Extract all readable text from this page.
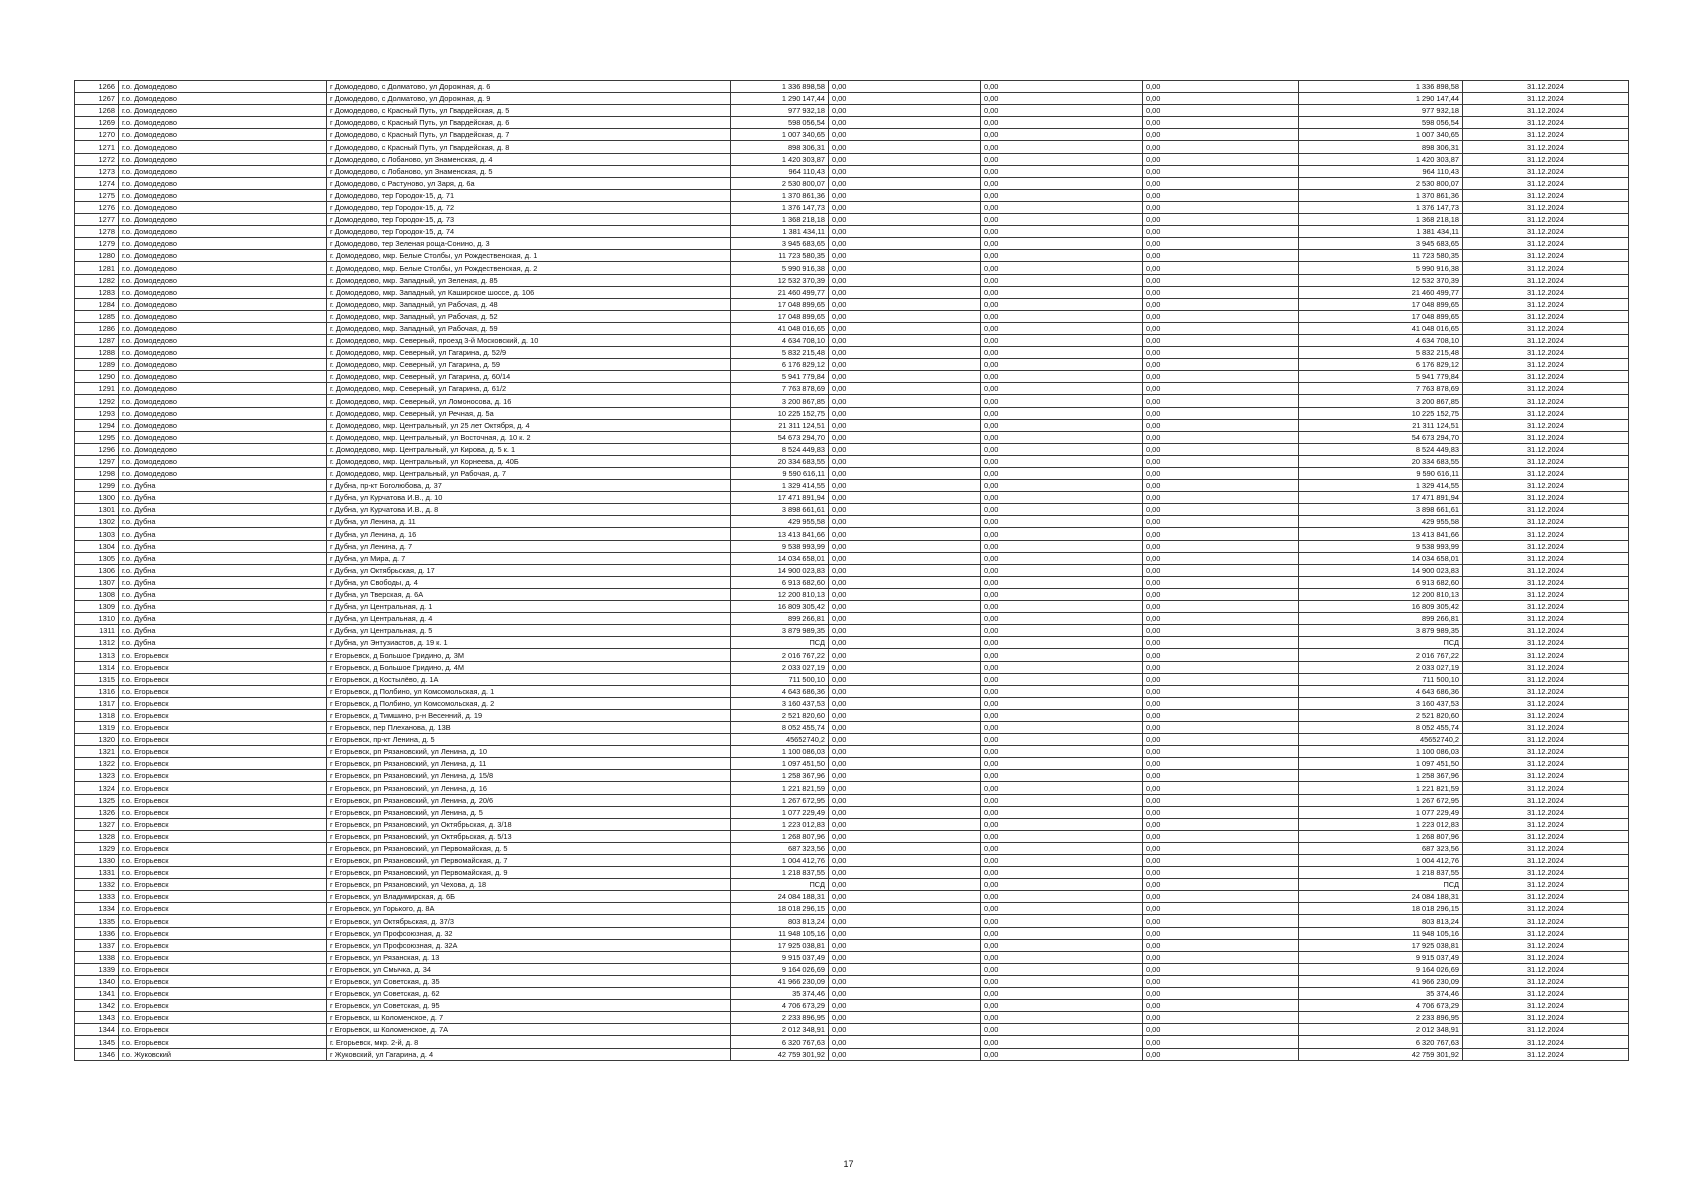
1266	г.о. Домодедово	г Домодедово, с Долматово, ул Дорожная, д. 6	1 336 898,58	0,00	0,00	0,00	1 336 898,58	31.12.2024
1267	г.о. Домодедово	г Домодедово, с Долматово, ул Дорожная, д. 9	1 290 147,44	0,00	0,00	0,00	1 290 147,44	31.12.2024
1268	г.о. Домодедово	г Домодедово, с Красный Путь, ул Гвардейская, д. 5	977 932,18	0,00	0,00	0,00	977 932,18	31.12.2024
1269	г.о. Домодедово	г Домодедово, с Красный Путь, ул Гвардейская, д. 6	598 056,54	0,00	0,00	0,00	598 056,54	31.12.2024
1270	г.о. Домодедово	г Домодедово, с Красный Путь, ул Гвардейская, д. 7	1 007 340,65	0,00	0,00	0,00	1 007 340,65	31.12.2024
1271	г.о. Домодедово	г Домодедово, с Красный Путь, ул Гвардейская, д. 8	898 306,31	0,00	0,00	0,00	898 306,31	31.12.2024
1272	г.о. Домодедово	г Домодедово, с Лобаново, ул Знаменская, д. 4	1 420 303,87	0,00	0,00	0,00	1 420 303,87	31.12.2024
1273	г.о. Домодедово	г Домодедово, с Лобаново, ул Знаменская, д. 5	964 110,43	0,00	0,00	0,00	964 110,43	31.12.2024
1274	г.о. Домодедово	г Домодедово, с Растуново, ул Заря, д. 6а	2 530 800,07	0,00	0,00	0,00	2 530 800,07	31.12.2024
1275	г.о. Домодедово	г Домодедово, тер Городок-15, д. 71	1 370 861,36	0,00	0,00	0,00	1 370 861,36	31.12.2024
1276	г.о. Домодедово	г Домодедово, тер Городок-15, д. 72	1 376 147,73	0,00	0,00	0,00	1 376 147,73	31.12.2024
1277	г.о. Домодедово	г Домодедово, тер Городок-15, д. 73	1 368 218,18	0,00	0,00	0,00	1 368 218,18	31.12.2024
1278	г.о. Домодедово	г Домодедово, тер Городок-15, д. 74	1 381 434,11	0,00	0,00	0,00	1 381 434,11	31.12.2024
1279	г.о. Домодедово	г Домодедово, тер Зеленая роща-Сонино, д. 3	3 945 683,65	0,00	0,00	0,00	3 945 683,65	31.12.2024
1280	г.о. Домодедово	г. Домодедово, мкр. Белые Столбы, ул Рождественская, д. 1	11 723 580,35	0,00	0,00	0,00	11 723 580,35	31.12.2024
1281	г.о. Домодедово	г. Домодедово, мкр. Белые Столбы, ул Рождественская, д. 2	5 990 916,38	0,00	0,00	0,00	5 990 916,38	31.12.2024
1282	г.о. Домодедово	г. Домодедово, мкр. Западный, ул Зеленая, д. 85	12 532 370,39	0,00	0,00	0,00	12 532 370,39	31.12.2024
1283	г.о. Домодедово	г. Домодедово, мкр. Западный, ул Каширское шоссе, д. 106	21 460 499,77	0,00	0,00	0,00	21 460 499,77	31.12.2024
1284	г.о. Домодедово	г. Домодедово, мкр. Западный, ул Рабочая, д. 48	17 048 899,65	0,00	0,00	0,00	17 048 899,65	31.12.2024
1285	г.о. Домодедово	г. Домодедово, мкр. Западный, ул Рабочая, д. 52	17 048 899,65	0,00	0,00	0,00	17 048 899,65	31.12.2024
1286	г.о. Домодедово	г. Домодедово, мкр. Западный, ул Рабочая, д. 59	41 048 016,65	0,00	0,00	0,00	41 048 016,65	31.12.2024
1287	г.о. Домодедово	г. Домодедово, мкр. Северный, проезд 3-й Московский, д. 10	4 634 708,10	0,00	0,00	0,00	4 634 708,10	31.12.2024
1288	г.о. Домодедово	г. Домодедово, мкр. Северный, ул Гагарина, д. 52/9	5 832 215,48	0,00	0,00	0,00	5 832 215,48	31.12.2024
1289	г.о. Домодедово	г. Домодедово, мкр. Северный, ул Гагарина, д. 59	6 176 829,12	0,00	0,00	0,00	6 176 829,12	31.12.2024
1290	г.о. Домодедово	г. Домодедово, мкр. Северный, ул Гагарина, д. 60/14	5 941 779,84	0,00	0,00	0,00	5 941 779,84	31.12.2024
1291	г.о. Домодедово	г. Домодедово, мкр. Северный, ул Гагарина, д. 61/2	7 763 878,69	0,00	0,00	0,00	7 763 878,69	31.12.2024
1292	г.о. Домодедово	г. Домодедово, мкр. Северный, ул Ломоносова, д. 16	3 200 867,85	0,00	0,00	0,00	3 200 867,85	31.12.2024
1293	г.о. Домодедово	г. Домодедово, мкр. Северный, ул Речная, д. 5а	10 225 152,75	0,00	0,00	0,00	10 225 152,75	31.12.2024
1294	г.о. Домодедово	г. Домодедово, мкр. Центральный, ул 25 лет Октября, д. 4	21 311 124,51	0,00	0,00	0,00	21 311 124,51	31.12.2024
1295	г.о. Домодедово	г. Домодедово, мкр. Центральный, ул Восточная, д. 10 к. 2	54 673 294,70	0,00	0,00	0,00	54 673 294,70	31.12.2024
1296	г.о. Домодедово	г. Домодедово, мкр. Центральный, ул Кирова, д. 5 к. 1	8 524 449,83	0,00	0,00	0,00	8 524 449,83	31.12.2024
1297	г.о. Домодедово	г. Домодедово, мкр. Центральный, ул Корнеева, д. 40Б	20 334 683,55	0,00	0,00	0,00	20 334 683,55	31.12.2024
1298	г.о. Домодедово	г. Домодедово, мкр. Центральный, ул Рабочая, д. 7	9 590 616,11	0,00	0,00	0,00	9 590 616,11	31.12.2024
1299	г.о. Дубна	г Дубна, пр-кт Боголюбова, д. 37	1 329 414,55	0,00	0,00	0,00	1 329 414,55	31.12.2024
1300	г.о. Дубна	г Дубна, ул Курчатова И.В., д. 10	17 471 891,94	0,00	0,00	0,00	17 471 891,94	31.12.2024
1301	г.о. Дубна	г Дубна, ул Курчатова И.В., д. 8	3 898 661,61	0,00	0,00	0,00	3 898 661,61	31.12.2024
1302	г.о. Дубна	г Дубна, ул Ленина, д. 11	429 955,58	0,00	0,00	0,00	429 955,58	31.12.2024
1303	г.о. Дубна	г Дубна, ул Ленина, д. 16	13 413 841,66	0,00	0,00	0,00	13 413 841,66	31.12.2024
1304	г.о. Дубна	г Дубна, ул Ленина, д. 7	9 538 993,99	0,00	0,00	0,00	9 538 993,99	31.12.2024
1305	г.о. Дубна	г Дубна, ул Мира, д. 7	14 034 658,01	0,00	0,00	0,00	14 034 658,01	31.12.2024
1306	г.о. Дубна	г Дубна, ул Октябрьская, д. 17	14 900 023,83	0,00	0,00	0,00	14 900 023,83	31.12.2024
1307	г.о. Дубна	г Дубна, ул Свободы, д. 4	6 913 682,60	0,00	0,00	0,00	6 913 682,60	31.12.2024
1308	г.о. Дубна	г Дубна, ул Тверская, д. 6А	12 200 810,13	0,00	0,00	0,00	12 200 810,13	31.12.2024
1309	г.о. Дубна	г Дубна, ул Центральная, д. 1	16 809 305,42	0,00	0,00	0,00	16 809 305,42	31.12.2024
1310	г.о. Дубна	г Дубна, ул Центральная, д. 4	899 266,81	0,00	0,00	0,00	899 266,81	31.12.2024
1311	г.о. Дубна	г Дубна, ул Центральная, д. 5	3 879 989,35	0,00	0,00	0,00	3 879 989,35	31.12.2024
1312	г.о. Дубна	г Дубна, ул Энтузиастов, д. 19 к. 1	ПСД	0,00	0,00	0,00	ПСД	31.12.2024
1313	г.о. Егорьевск	г Егорьевск, д Большое Гридино, д. 3М	2 016 767,22	0,00	0,00	0,00	2 016 767,22	31.12.2024
1314	г.о. Егорьевск	г Егорьевск, д Большое Гридино, д. 4М	2 033 027,19	0,00	0,00	0,00	2 033 027,19	31.12.2024
1315	г.о. Егорьевск	г Егорьевск, д Костылёво, д. 1А	711 500,10	0,00	0,00	0,00	711 500,10	31.12.2024
1316	г.о. Егорьевск	г Егорьевск, д Полбино, ул Комсомольская, д. 1	4 643 686,36	0,00	0,00	0,00	4 643 686,36	31.12.2024
1317	г.о. Егорьевск	г Егорьевск, д Полбино, ул Комсомольская, д. 2	3 160 437,53	0,00	0,00	0,00	3 160 437,53	31.12.2024
1318	г.о. Егорьевск	г Егорьевск, д Тимшино, р-н Весенний, д. 19	2 521 820,60	0,00	0,00	0,00	2 521 820,60	31.12.2024
1319	г.о. Егорьевск	г Егорьевск, пер Плеханова, д. 13В	8 052 455,74	0,00	0,00	0,00	8 052 455,74	31.12.2024
1320	г.о. Егорьевск	г Егорьевск, пр-кт Ленина, д. 5	45652740,2	0,00	0,00	0,00	45652740,2	31.12.2024
1321	г.о. Егорьевск	г Егорьевск, рп Рязановский, ул Ленина, д. 10	1 100 086,03	0,00	0,00	0,00	1 100 086,03	31.12.2024
1322	г.о. Егорьевск	г Егорьевск, рп Рязановский, ул Ленина, д. 11	1 097 451,50	0,00	0,00	0,00	1 097 451,50	31.12.2024
1323	г.о. Егорьевск	г Егорьевск, рп Рязановский, ул Ленина, д. 15/8	1 258 367,96	0,00	0,00	0,00	1 258 367,96	31.12.2024
1324	г.о. Егорьевск	г Егорьевск, рп Рязановский, ул Ленина, д. 16	1 221 821,59	0,00	0,00	0,00	1 221 821,59	31.12.2024
1325	г.о. Егорьевск	г Егорьевск, рп Рязановский, ул Ленина, д. 20/6	1 267 672,95	0,00	0,00	0,00	1 267 672,95	31.12.2024
1326	г.о. Егорьевск	г Егорьевск, рп Рязановский, ул Ленина, д. 5	1 077 229,49	0,00	0,00	0,00	1 077 229,49	31.12.2024
1327	г.о. Егорьевск	г Егорьевск, рп Рязановский, ул Октябрьская, д. 3/18	1 223 012,83	0,00	0,00	0,00	1 223 012,83	31.12.2024
1328	г.о. Егорьевск	г Егорьевск, рп Рязановский, ул Октябрьская, д. 5/13	1 268 807,96	0,00	0,00	0,00	1 268 807,96	31.12.2024
1329	г.о. Егорьевск	г Егорьевск, рп Рязановский, ул Первомайская, д. 5	687 323,56	0,00	0,00	0,00	687 323,56	31.12.2024
1330	г.о. Егорьевск	г Егорьевск, рп Рязановский, ул Первомайская, д. 7	1 004 412,76	0,00	0,00	0,00	1 004 412,76	31.12.2024
1331	г.о. Егорьевск	г Егорьевск, рп Рязановский, ул Первомайская, д. 9	1 218 837,55	0,00	0,00	0,00	1 218 837,55	31.12.2024
1332	г.о. Егорьевск	г Егорьевск, рп Рязановский, ул Чехова, д. 18	ПСД	0,00	0,00	0,00	ПСД	31.12.2024
1333	г.о. Егорьевск	г Егорьевск, ул Владимирская, д. 6Б	24 084 188,31	0,00	0,00	0,00	24 084 188,31	31.12.2024
1334	г.о. Егорьевск	г Егорьевск, ул Горького, д. 8А	18 018 296,15	0,00	0,00	0,00	18 018 296,15	31.12.2024
1335	г.о. Егорьевск	г Егорьевск, ул Октябрьская, д. 37/3	803 813,24	0,00	0,00	0,00	803 813,24	31.12.2024
1336	г.о. Егорьевск	г Егорьевск, ул Профсоюзная, д. 32	11 948 105,16	0,00	0,00	0,00	11 948 105,16	31.12.2024
1337	г.о. Егорьевск	г Егорьевск, ул Профсоюзная, д. 32А	17 925 038,81	0,00	0,00	0,00	17 925 038,81	31.12.2024
1338	г.о. Егорьевск	г Егорьевск, ул Рязанская, д. 13	9 915 037,49	0,00	0,00	0,00	9 915 037,49	31.12.2024
1339	г.о. Егорьевск	г Егорьевск, ул Смычка, д. 34	9 164 026,69	0,00	0,00	0,00	9 164 026,69	31.12.2024
1340	г.о. Егорьевск	г Егорьевск, ул Советская, д. 35	41 966 230,09	0,00	0,00	0,00	41 966 230,09	31.12.2024
1341	г.о. Егорьевск	г Егорьевск, ул Советская, д. 62	35 374,46	0,00	0,00	0,00	35 374,46	31.12.2024
1342	г.о. Егорьевск	г Егорьевск, ул Советская, д. 95	4 706 673,29	0,00	0,00	0,00	4 706 673,29	31.12.2024
1343	г.о. Егорьевск	г Егорьевск, ш Коломенское, д. 7	2 233 896,95	0,00	0,00	0,00	2 233 896,95	31.12.2024
1344	г.о. Егорьевск	г Егорьевск, ш Коломенское, д. 7А	2 012 348,91	0,00	0,00	0,00	2 012 348,91	31.12.2024
1345	г.о. Егорьевск	г. Егорьевск, мкр. 2-й, д. 8	6 320 767,63	0,00	0,00	0,00	6 320 767,63	31.12.2024
1346	г.о. Жуковский	г Жуковский, ул Гагарина, д. 4	42 759 301,92	0,00	0,00	0,00	42 759 301,92	31.12.2024
17
